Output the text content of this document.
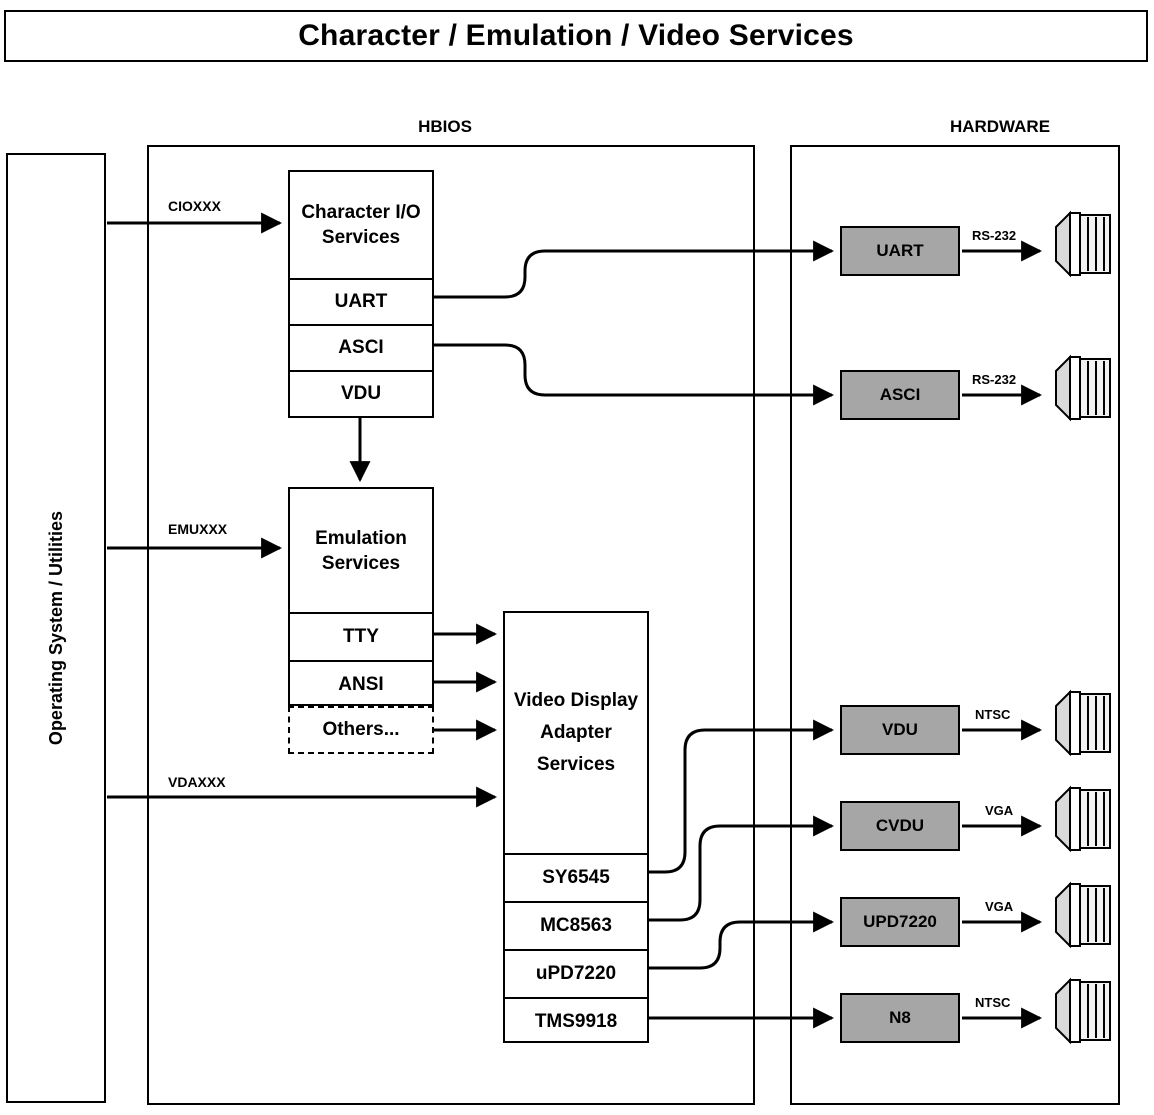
Character / Emulation / Video Services
HBIOS	HARDWARE
Operating System / Utilities
Character I/O Services
UART
ASCI
VDU
Emulation Services
TTY
ANSI
Others...
Video Display Adapter Services
SY6545
MC8563
uPD7220
TMS9918
UART
ASCI
VDU
CVDU
UPD7220
N8
RS-232
RS-232
NTSC
VGA
VGA
NTSC
CIOXXX
EMUXXX
VDAXXX
